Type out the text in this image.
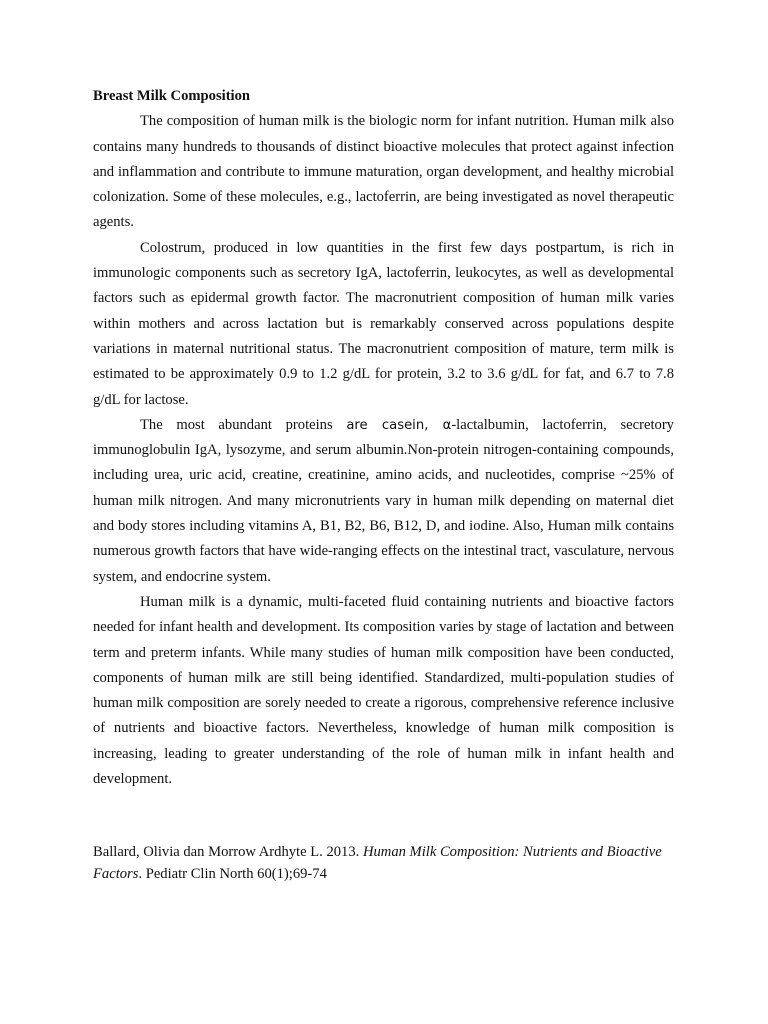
Breast Milk Composition

The composition of human milk is the biologic norm for infant nutrition. Human milk also contains many hundreds to thousands of distinct bioactive molecules that protect against infection and inflammation and contribute to immune maturation, organ development, and healthy microbial colonization. Some of these molecules, e.g., lactoferrin, are being investigated as novel therapeutic agents.

Colostrum, produced in low quantities in the first few days postpartum, is rich in immunologic components such as secretory IgA, lactoferrin, leukocytes, as well as developmental factors such as epidermal growth factor. The macronutrient composition of human milk varies within mothers and across lactation but is remarkably conserved across populations despite variations in maternal nutritional status. The macronutrient composition of mature, term milk is estimated to be approximately 0.9 to 1.2 g/dL for protein, 3.2 to 3.6 g/dL for fat, and 6.7 to 7.8 g/dL for lactose.

The most abundant proteins are casein, α-lactalbumin, lactoferrin, secretory immunoglobulin IgA, lysozyme, and serum albumin.Non-protein nitrogen-containing compounds, including urea, uric acid, creatine, creatinine, amino acids, and nucleotides, comprise ~25% of human milk nitrogen. And many micronutrients vary in human milk depending on maternal diet and body stores including vitamins A, B1, B2, B6, B12, D, and iodine. Also, Human milk contains numerous growth factors that have wide-ranging effects on the intestinal tract, vasculature, nervous system, and endocrine system.

Human milk is a dynamic, multi-faceted fluid containing nutrients and bioactive factors needed for infant health and development. Its composition varies by stage of lactation and between term and preterm infants. While many studies of human milk composition have been conducted, components of human milk are still being identified. Standardized, multi-population studies of human milk composition are sorely needed to create a rigorous, comprehensive reference inclusive of nutrients and bioactive factors. Nevertheless, knowledge of human milk composition is increasing, leading to greater understanding of the role of human milk in infant health and development.

Ballard, Olivia dan Morrow Ardhyte L. 2013. Human Milk Composition: Nutrients and Bioactive Factors. Pediatr Clin North 60(1);69-74
